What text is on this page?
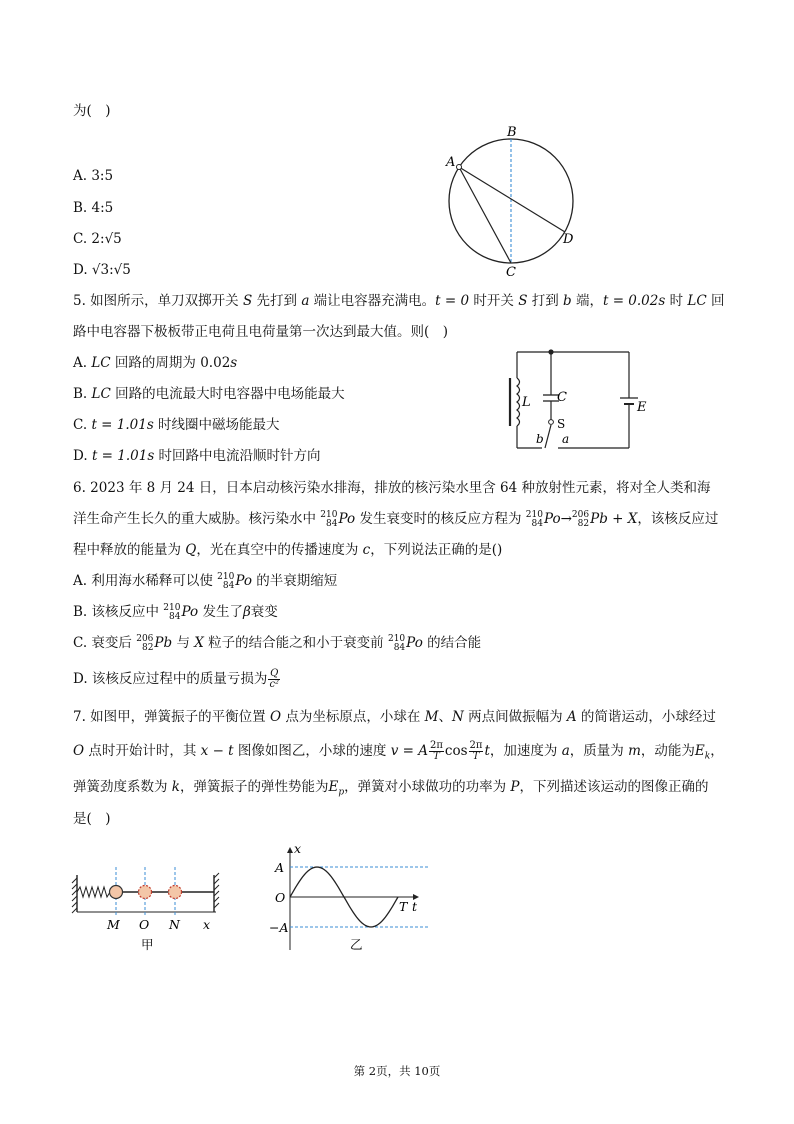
为(　)
A. 3:5
B. 4:5
C. 2:√5
D. √3:√5
A
B
C
D
5. 如图所示，单刀双掷开关 S 先打到 a 端让电容器充满电。t = 0 时开关 S 打到 b 端，t = 0.02s 时 LC 回
路中电容器下极板带正电荷且电荷量第一次达到最大值。则(　)
A. LC 回路的周期为 0.02s
B. LC 回路的电流最大时电容器中电场能最大
C. t = 1.01s 时线圈中磁场能最大
D. t = 1.01s 时回路中电流沿顺时针方向
L C
S
b a
E
6. 2023 年 8 月 24 日，日本启动核污染水排海，排放的核污染水里含 64 种放射性元素，将对全人类和海
洋生命产生长久的重大威胁。核污染水中 210
84 Po 发生衰变时的核反应方程为 210
84 Po→ 206
82 Pb + X，该核反应过
程中释放的能量为 Q，光在真空中的传播速度为 c，下列说法正确的是()
A. 利用海水稀释可以使 210
84 Po 的半衰期缩短
B. 该核反应中 210
84 Po 发生了β衰变
C. 衰变后 206
82 Pb 与 X 粒子的结合能之和小于衰变前 210
84 Po 的结合能
D. 该核反应过程中的质量亏损为 $\frac{Q}{\text{c²}}$
7. 如图甲，弹簧振子的平衡位置 O 点为坐标原点，小球在 M、N 两点间做振幅为 A 的简谐运动，小球经过
O 点时开始计时，其 x − t 图像如图乙，小球的速度 v = A $\frac{2\pi}{T}$ $\cos \frac{2\pi}{T}$ t，加速度为 a，质量为 m，动能为$E_k$，
弹簧劲度系数为 k，弹簧振子的弹性势能为$E_p$，弹簧对小球做功的功率为 P，下列描述该运动的图像正确的
是(　)
M O N x
甲
x
A
O
−A
T t
乙
第 2页，共 10页
